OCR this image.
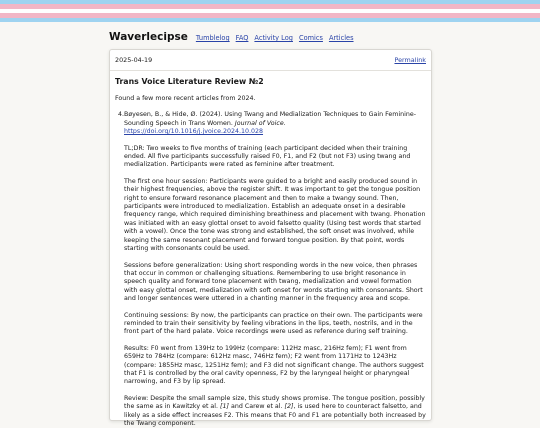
Waverlecipse Tumblelog FAQ Activity Log Comics Articles
2025-04-19	Permalink
Trans Voice Literature Review №2

Found a few more recent articles from 2024.

4. Bøyesen, B., & Hide, Ø. (2024). Using Twang and Medialization Techniques to Gain Feminine-Sounding Speech in Trans Women. Journal of Voice. https://doi.org/10.1016/j.jvoice.2024.10.028

TL;DR: Two weeks to five months of training (each participant decided when their training ended. All five participants successfully raised F0, F1, and F2 (but not F3) using twang and medialization. Participants were rated as feminine after treatment.

The first one hour session: Participants were guided to a bright and easily produced sound in their highest frequencies, above the register shift. It was important to get the tongue position right to ensure forward resonance placement and then to make a twangy sound. Then, participants were introduced to medialization. Establish an adequate onset in a desirable frequency range, which required diminishing breathiness and placement with twang. Phonation was initiated with an easy glottal onset to avoid falsetto quality (Using test words that started with a vowel). Once the tone was strong and established, the soft onset was involved, while keeping the same resonant placement and forward tongue position. By that point, words starting with consonants could be used.

Sessions before generalization: Using short responding words in the new voice, then phrases that occur in common or challenging situations. Remembering to use bright resonance in speech quality and forward tone placement with twang, medialization and vowel formation with easy glottal onset, medialization with soft onset for words starting with consonants. Short and longer sentences were uttered in a chanting manner in the frequency area and scope.

Continuing sessions: By now, the participants can practice on their own. The participants were reminded to train their sensitivity by feeling vibrations in the lips, teeth, nostrils, and in the front part of the hard palate. Voice recordings were used as reference during self training.

Results: F0 went from 139Hz to 199Hz (compare: 112Hz masc, 216Hz fem); F1 went from 659Hz to 784Hz (compare: 612Hz masc, 746Hz fem); F2 went from 1171Hz to 1243Hz (compare: 1855Hz masc, 1251Hz fem); and F3 did not significant change. The authors suggest that F1 is controlled by the oral cavity openness, F2 by the laryngeal height or pharyngeal narrowing, and F3 by lip spread.

Review: Despite the small sample size, this study shows promise. The tongue position, possibly the same as in Kawitzky et al. [1] and Carew et al. [2], is used here to counteract falsetto, and likely as a side effect increases F2. This means that F0 and F1 are potentially both increased by the Twang component.
